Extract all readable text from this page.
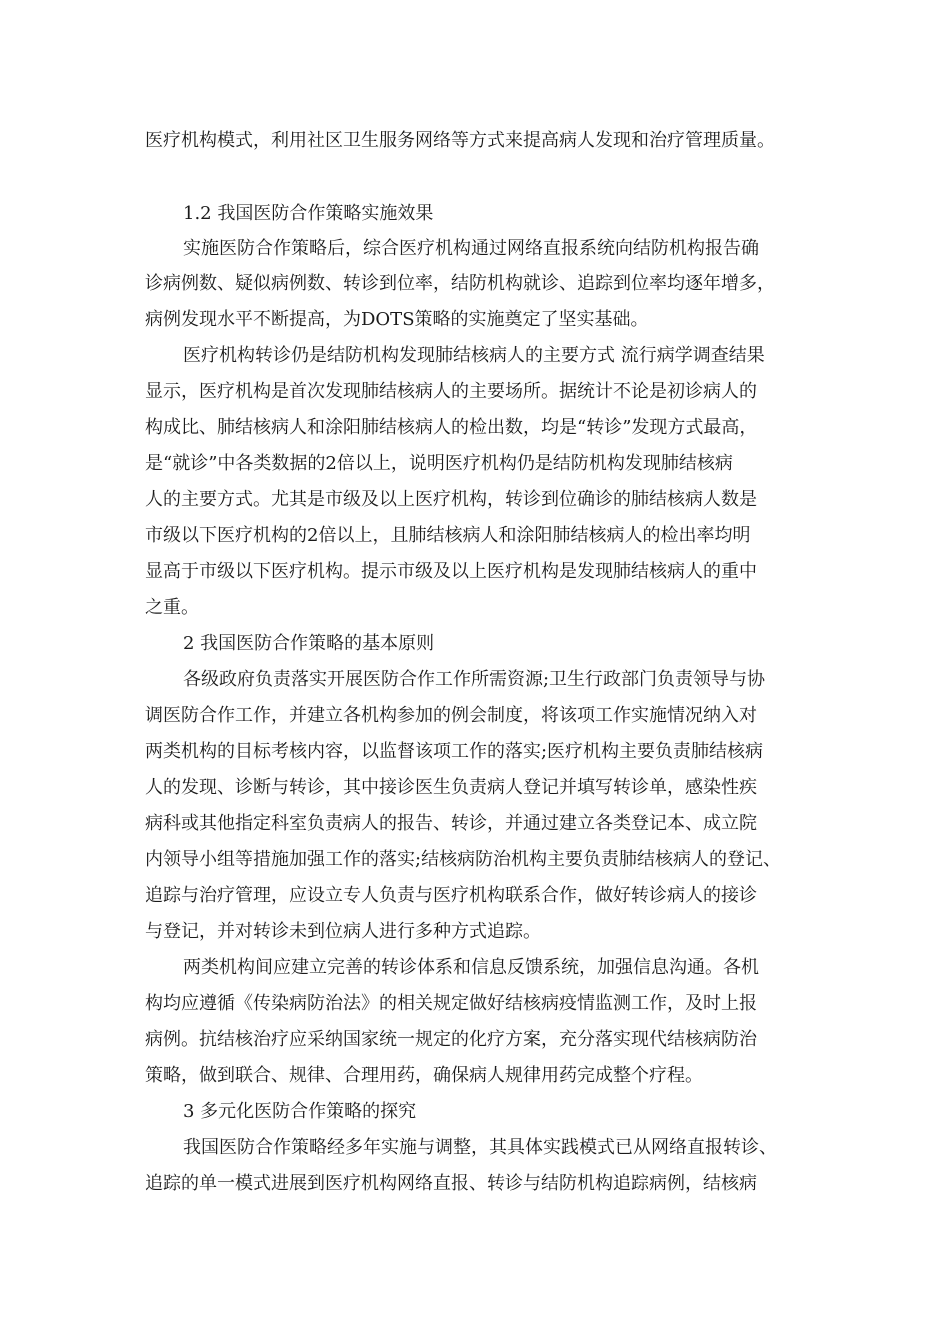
医疗机构模式，利用社区卫生服务网络等方式来提高病人发现和治疗管理质量。

1.2 我国医防合作策略实施效果

实施医防合作策略后，综合医疗机构通过网络直报系统向结防机构报告确

诊病例数、疑似病例数、转诊到位率，结防机构就诊、追踪到位率均逐年增多，

病例发现水平不断提高，为DOTS策略的实施奠定了坚实基础。

医疗机构转诊仍是结防机构发现肺结核病人的主要方式 流行病学调查结果

显示，医疗机构是首次发现肺结核病人的主要场所。据统计不论是初诊病人的

构成比、肺结核病人和涂阳肺结核病人的检出数，均是“转诊”发现方式最高，

是“就诊”中各类数据的2倍以上，说明医疗机构仍是结防机构发现肺结核病

人的主要方式。尤其是市级及以上医疗机构，转诊到位确诊的肺结核病人数是

市级以下医疗机构的2倍以上，且肺结核病人和涂阳肺结核病人的检出率均明

显高于市级以下医疗机构。提示市级及以上医疗机构是发现肺结核病人的重中

之重。

2 我国医防合作策略的基本原则

各级政府负责落实开展医防合作工作所需资源;卫生行政部门负责领导与协

调医防合作工作，并建立各机构参加的例会制度，将该项工作实施情况纳入对

两类机构的目标考核内容，以监督该项工作的落实;医疗机构主要负责肺结核病

人的发现、诊断与转诊，其中接诊医生负责病人登记并填写转诊单，感染性疾

病科或其他指定科室负责病人的报告、转诊，并通过建立各类登记本、成立院

内领导小组等措施加强工作的落实;结核病防治机构主要负责肺结核病人的登记、

追踪与治疗管理，应设立专人负责与医疗机构联系合作，做好转诊病人的接诊

与登记，并对转诊未到位病人进行多种方式追踪。

两类机构间应建立完善的转诊体系和信息反馈系统，加强信息沟通。各机

构均应遵循《传染病防治法》的相关规定做好结核病疫情监测工作，及时上报

病例。抗结核治疗应采纳国家统一规定的化疗方案，充分落实现代结核病防治

策略，做到联合、规律、合理用药，确保病人规律用药完成整个疗程。

3 多元化医防合作策略的探究

我国医防合作策略经多年实施与调整，其具体实践模式已从网络直报转诊、

追踪的单一模式进展到医疗机构网络直报、转诊与结防机构追踪病例，结核病
